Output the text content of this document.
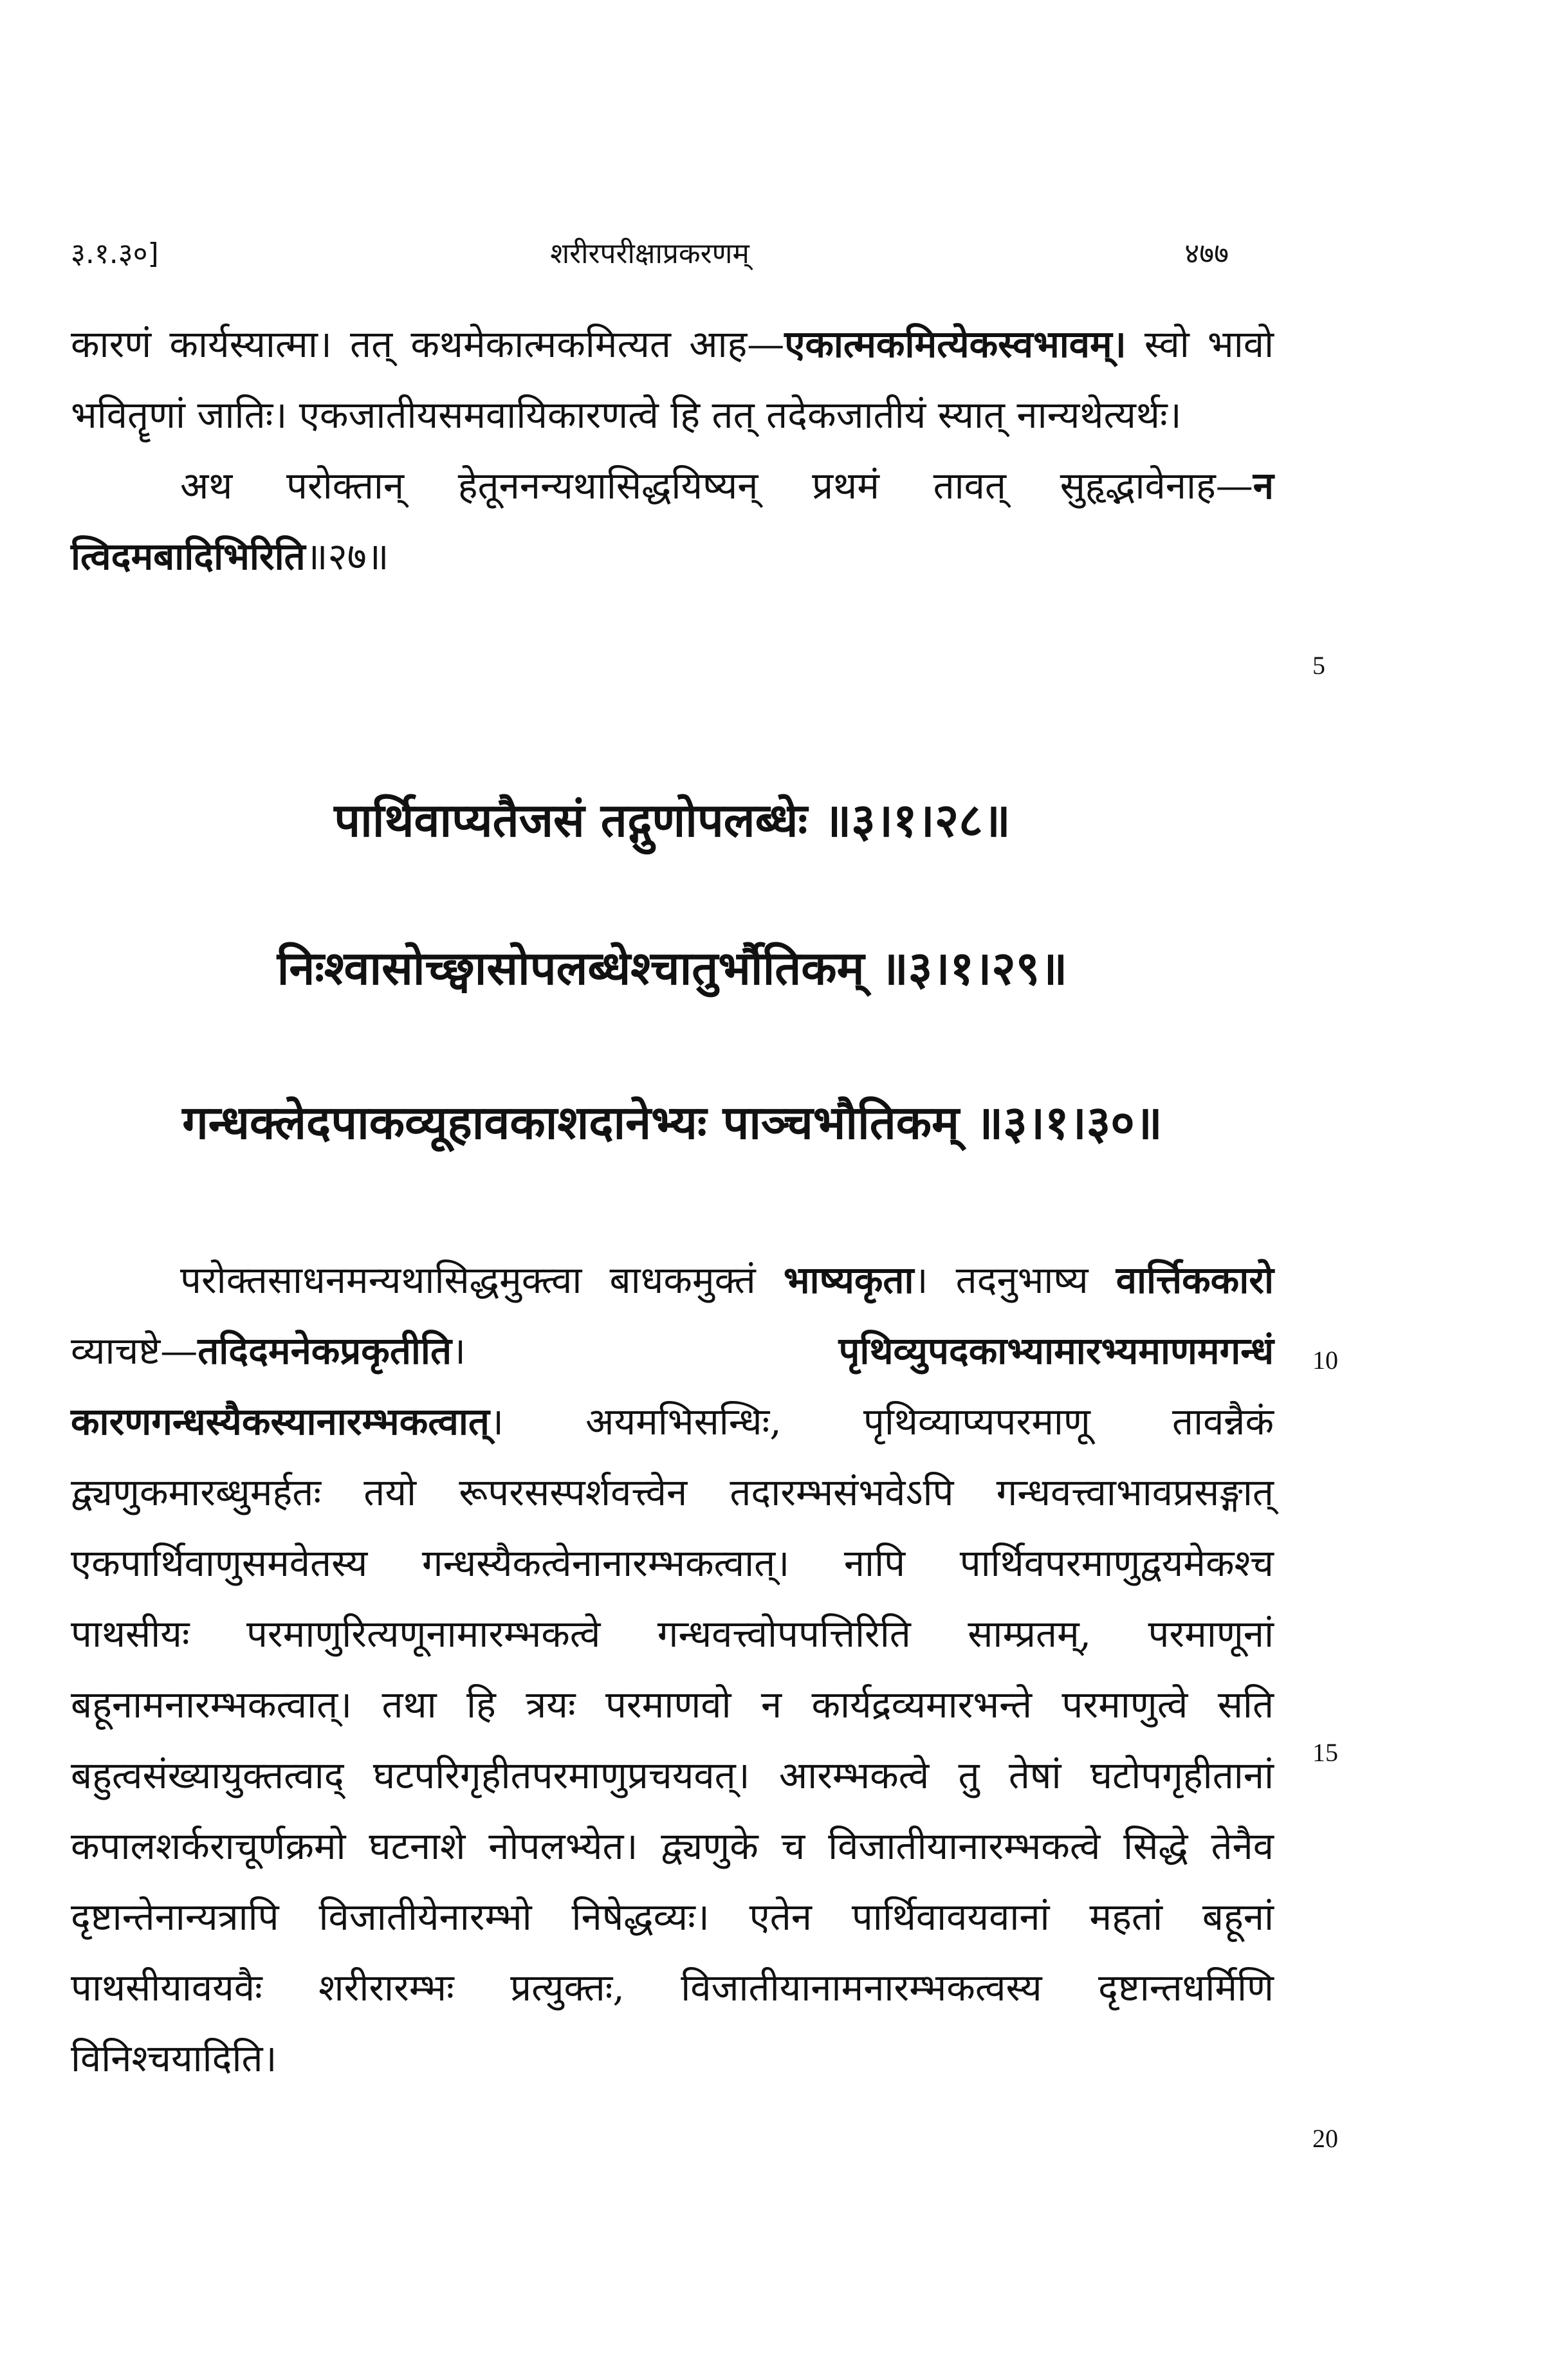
३.१.३०]	शरीरपरीक्षाप्रकरणम्	४७७

कारणं कार्यस्यात्मा। तत् कथमेकात्मकमित्यत आह—एकात्मकमित्येकस्वभावम्। स्वो भावो भवितॄणां जातिः। एकजातीयसमवायिकारणत्वे हि तत् तदेकजातीयं स्यात् नान्यथेत्यर्थः।

अथ परोक्तान् हेतूननन्यथासिद्धयिष्यन् प्रथमं तावत् सुहृद्भावेनाह—न त्विदमबादिभिरिति॥२७॥

पार्थिवाप्यतैजसं तद्गुणोपलब्धेः ॥३।१।२८॥
निःश्वासोच्छ्वासोपलब्धेश्चातुर्भौतिकम् ॥३।१।२९॥
गन्धक्लेदपाकव्यूहावकाशदानेभ्यः पाञ्चभौतिकम् ॥३।१।३०॥

परोक्तसाधनमन्यथासिद्धमुक्त्वा बाधकमुक्तं भाष्यकृता। तदनुभाष्य वार्त्तिककारो व्याचष्टे—तदिदमनेकप्रकृतीति। पृथिव्युपदकाभ्यामारभ्यमाणमगन्धं कारणगन्धस्यैकस्यानारम्भकत्वात्। अयमभिसन्धिः, पृथिव्याप्यपरमाणू तावन्नैकं द्व्यणुकमारब्धुमर्हतः तयो रूपरसस्पर्शवत्त्वेन तदारम्भसंभवेऽपि गन्धवत्त्वाभावप्रसङ्गात् एकपार्थिवाणुसमवेतस्य गन्धस्यैकत्वेनानारम्भकत्वात्। नापि पार्थिवपरमाणुद्वयमेकश्च पाथसीयः परमाणुरित्यणूनामारम्भकत्वे गन्धवत्त्वोपपत्तिरिति साम्प्रतम्, परमाणूनां बहूनामनारम्भकत्वात्। तथा हि त्रयः परमाणवो न कार्यद्रव्यमारभन्ते परमाणुत्वे सति बहुत्वसंख्यायुक्तत्वाद् घटपरिगृहीतपरमाणुप्रचयवत्। आरम्भकत्वे तु तेषां घटोपगृहीतानां कपालशर्कराचूर्णक्रमो घटनाशे नोपलभ्येत। द्व्यणुके च विजातीयानारम्भकत्वे सिद्धे तेनैव दृष्टान्तेनान्यत्रापि विजातीयेनारम्भो निषेद्धव्यः। एतेन पार्थिवावयवानां महतां बहूनां पाथसीयावयवैः शरीरारम्भः प्रत्युक्तः, विजातीयानामनारम्भकत्वस्य दृष्टान्तधर्मिणि विनिश्चयादिति।

5
10
15
20
